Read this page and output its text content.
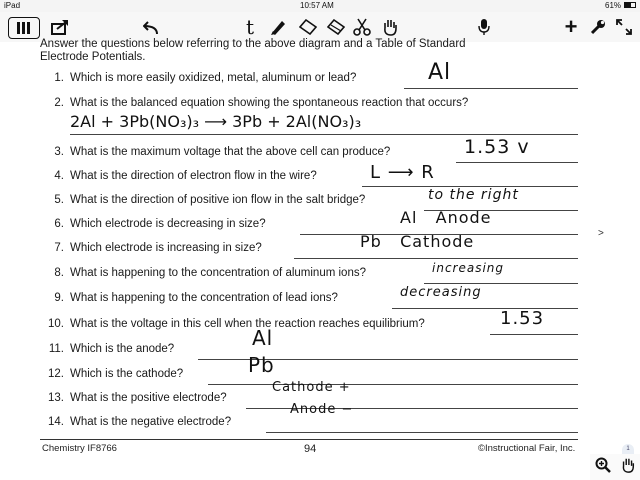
iPad	10:57 AM	61%
t	+
Answer the questions below referring to the above diagram and a Table of Standard
Electrode Potentials.
1. Which is more easily oxidized, metal, aluminum or lead?	Al
2. What is the balanced equation showing the spontaneous reaction that occurs?
2Al + 3Pb(NO₃)₃ ⟶ 3Pb + 2Al(NO₃)₃
3. What is the maximum voltage that the above cell can produce?	1.53 v
4. What is the direction of electron flow in the wire?	L ⟶ R
5. What is the direction of positive ion flow in the salt bridge?	to the right
6. Which electrode is decreasing in size?	Al   Anode
7. Which electrode is increasing in size?	Pb   Cathode
8. What is happening to the concentration of aluminum ions?	increasing
9. What is happening to the concentration of lead ions?	decreasing
10. What is the voltage in this cell when the reaction reaches equilibrium?	1.53
11. Which is the anode?	Al
12. Which is the cathode?	Pb
13. What is the positive electrode?
Cathode +
14. What is the negative electrode?
Anode −
>
Chemistry IF8766	94	©Instructional Fair, Inc.	1
